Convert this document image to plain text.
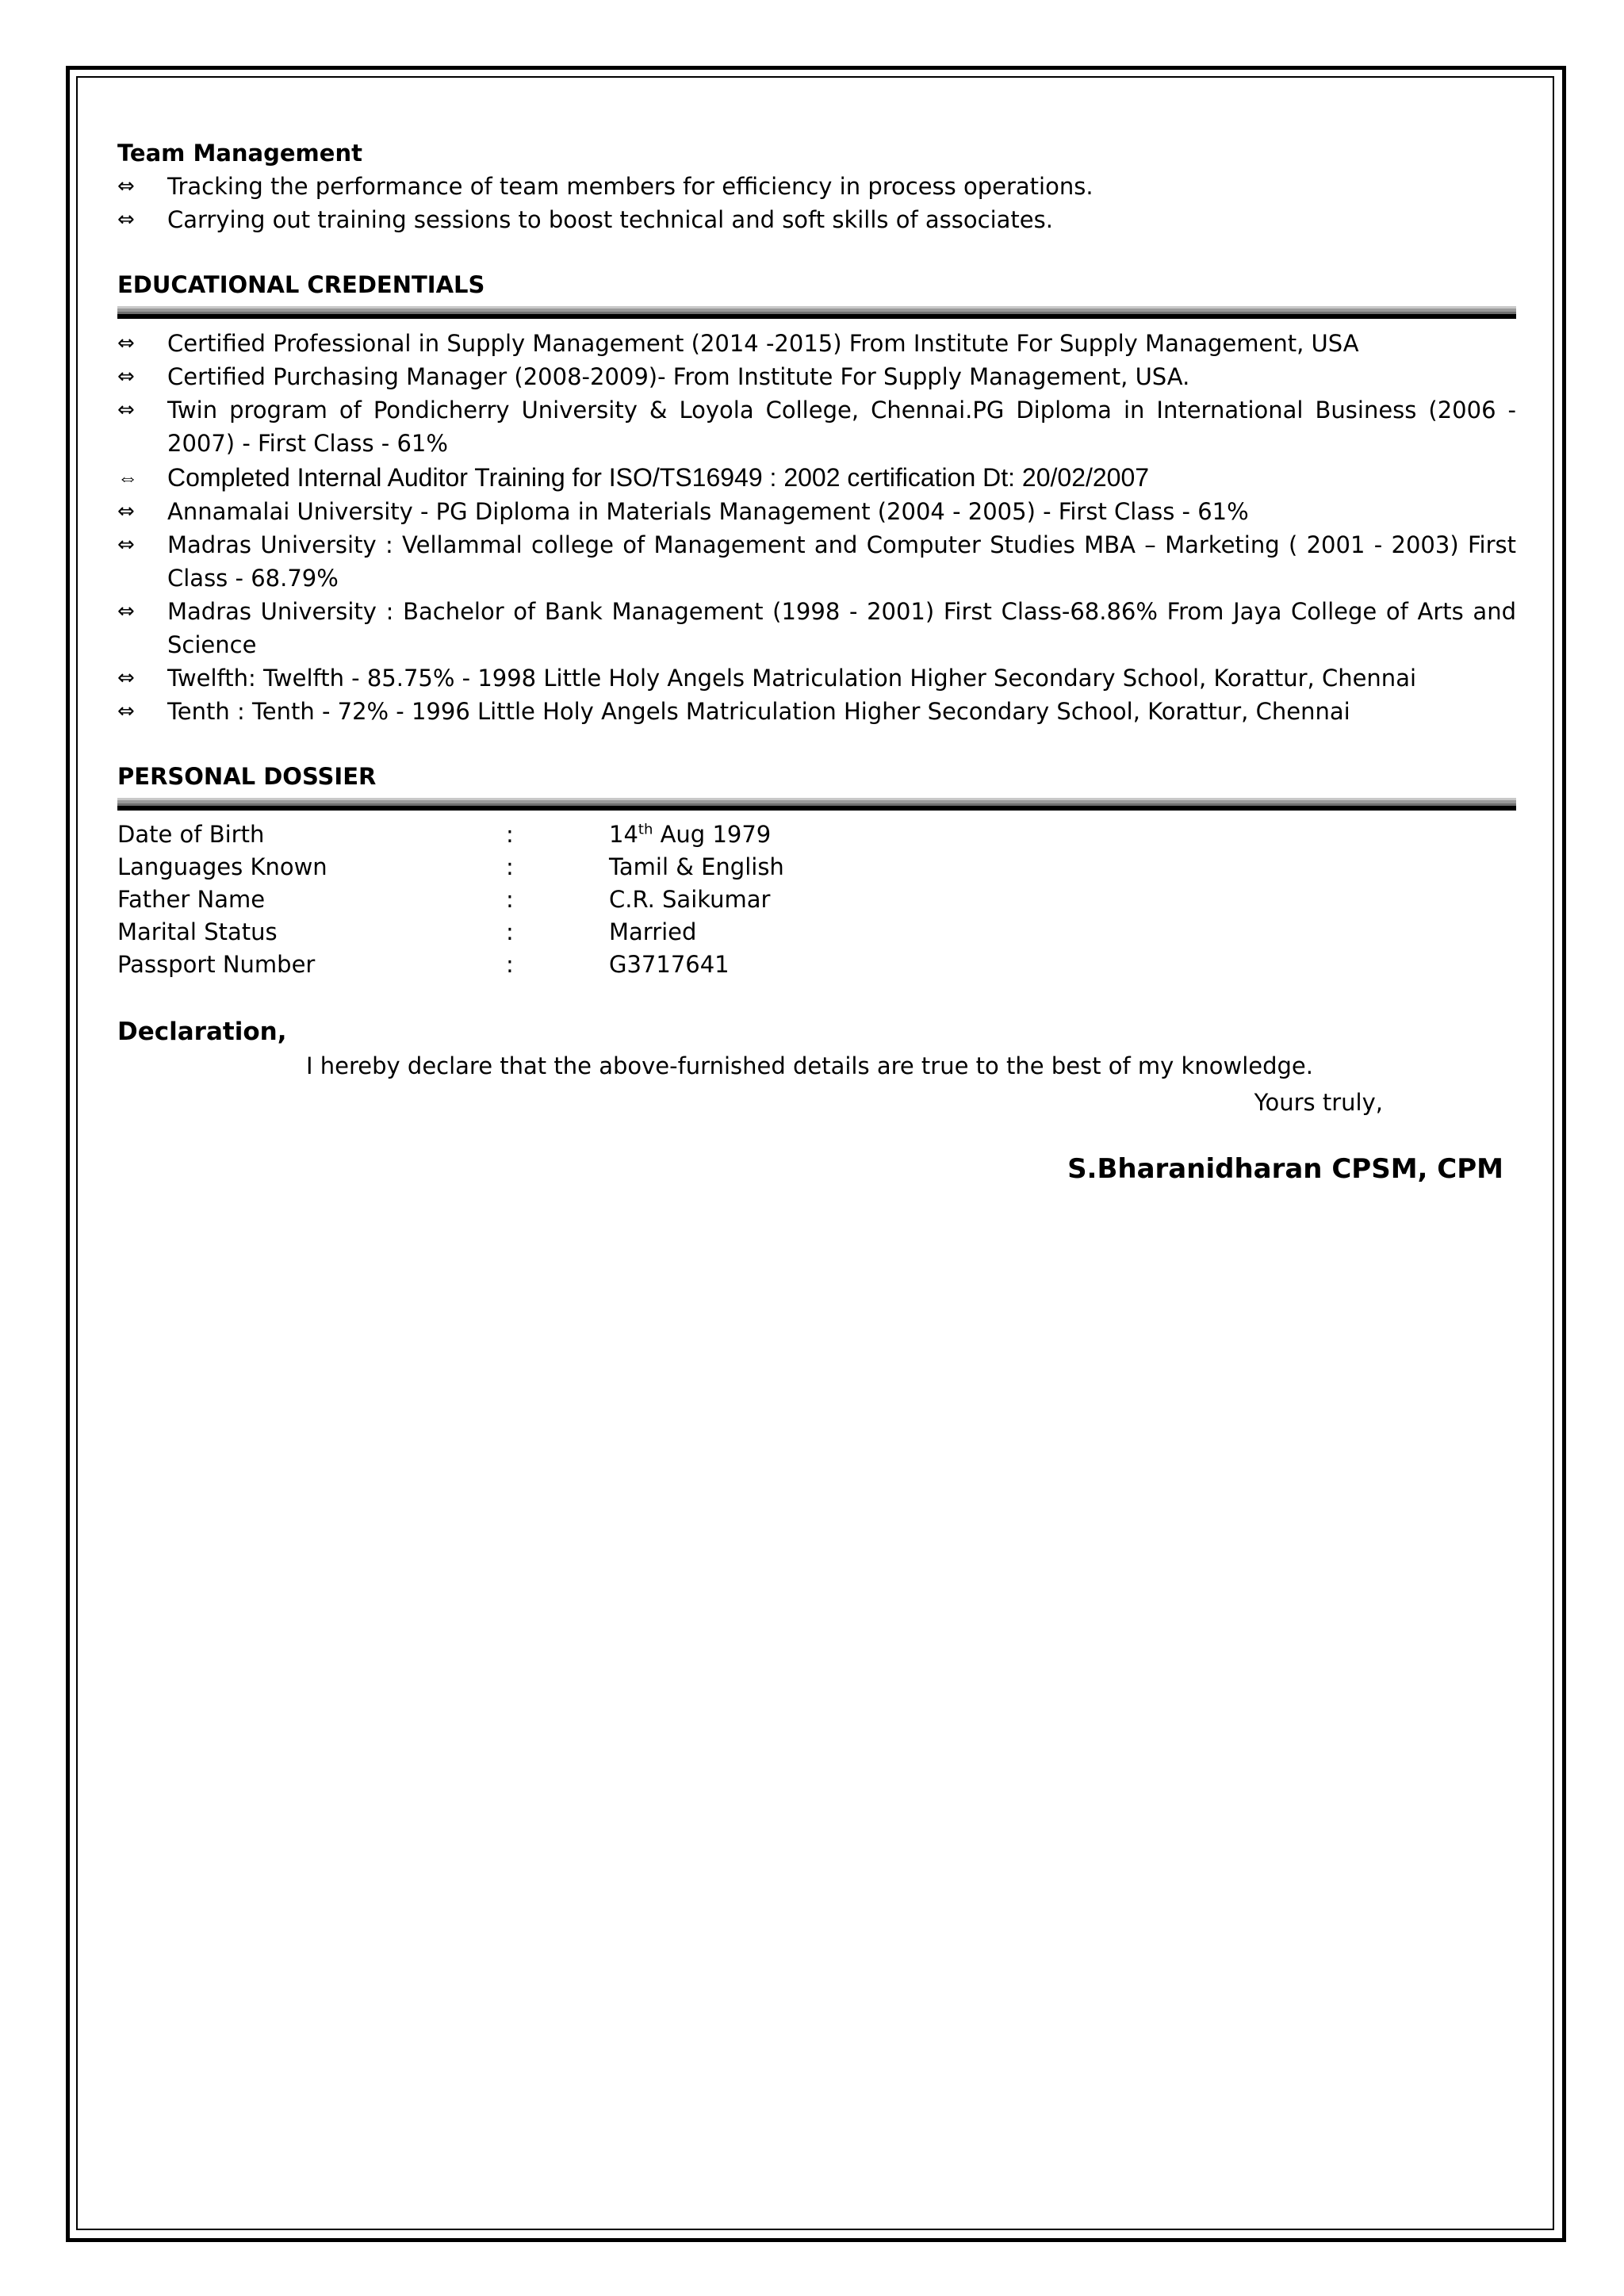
Team Management
⇔	Tracking the performance of team members for efficiency in process operations.
⇔	Carrying out training sessions to boost technical and soft skills of associates.
EDUCATIONAL CREDENTIALS
⇔	Certified Professional in Supply Management (2014 -2015) From Institute For Supply Management, USA
⇔	Certified Purchasing Manager (2008-2009)- From Institute For Supply Management, USA.
⇔	Twin program of Pondicherry University & Loyola College, Chennai.PG Diploma in International Business (2006 - 2007) - First Class - 61%
⇔	Completed Internal Auditor Training for ISO/TS16949 : 2002 certification Dt: 20/02/2007
⇔	Annamalai University - PG Diploma in Materials Management (2004 - 2005) - First Class - 61%
⇔	Madras University : Vellammal college of Management and Computer Studies MBA – Marketing ( 2001 - 2003) First Class - 68.79%
⇔	Madras University : Bachelor of Bank Management (1998 - 2001) First Class-68.86% From Jaya College of Arts and Science
⇔	Twelfth: Twelfth - 85.75% - 1998 Little Holy Angels Matriculation Higher Secondary School, Korattur, Chennai
⇔	Tenth : Tenth - 72% - 1996 Little Holy Angels Matriculation Higher Secondary School, Korattur, Chennai
PERSONAL DOSSIER
Date of Birth	:	14th Aug 1979
Languages Known	:	Tamil & English
Father Name	:	C.R. Saikumar
Marital Status	:	Married
Passport Number	:	G3717641
Declaration,
I hereby declare that the above-furnished details are true to the best of my knowledge.
Yours truly,
S.Bharanidharan CPSM, CPM
